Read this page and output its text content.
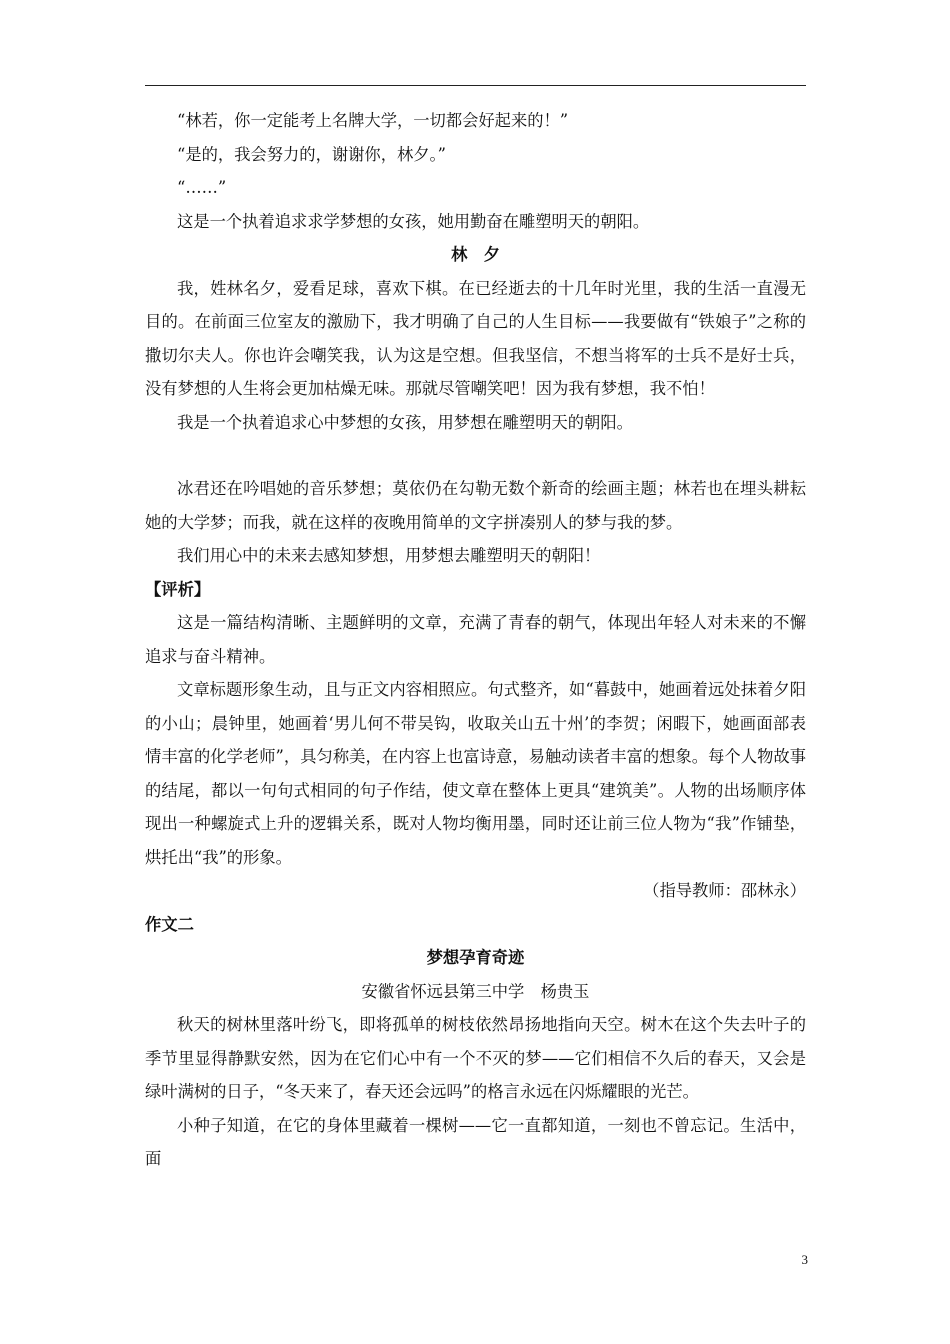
“林若，你一定能考上名牌大学，一切都会好起来的！”

“是的，我会努力的，谢谢你，林夕。”

“……”

这是一个执着追求求学梦想的女孩，她用勤奋在雕塑明天的朝阳。

林　夕

我，姓林名夕，爱看足球，喜欢下棋。在已经逝去的十几年时光里，我的生活一直漫无目的。在前面三位室友的激励下，我才明确了自己的人生目标——我要做有“铁娘子”之称的撒切尔夫人。你也许会嘲笑我，认为这是空想。但我坚信，不想当将军的士兵不是好士兵，没有梦想的人生将会更加枯燥无味。那就尽管嘲笑吧！因为我有梦想，我不怕！

我是一个执着追求心中梦想的女孩，用梦想在雕塑明天的朝阳。

冰君还在吟唱她的音乐梦想；莫依仍在勾勒无数个新奇的绘画主题；林若也在埋头耕耘她的大学梦；而我，就在这样的夜晚用简单的文字拼凑别人的梦与我的梦。

我们用心中的未来去感知梦想，用梦想去雕塑明天的朝阳！

【评析】

这是一篇结构清晰、主题鲜明的文章，充满了青春的朝气，体现出年轻人对未来的不懈追求与奋斗精神。

文章标题形象生动，且与正文内容相照应。句式整齐，如“暮鼓中，她画着远处抹着夕阳的小山；晨钟里，她画着‘男儿何不带吴钩，收取关山五十州’的李贺；闲暇下，她画面部表情丰富的化学老师”，具匀称美，在内容上也富诗意，易触动读者丰富的想象。每个人物故事的结尾，都以一句句式相同的句子作结，使文章在整体上更具“建筑美”。人物的出场顺序体现出一种螺旋式上升的逻辑关系，既对人物均衡用墨，同时还让前三位人物为“我”作铺垫，烘托出“我”的形象。

（指导教师：邵林永）

作文二

梦想孕育奇迹

安徽省怀远县第三中学　杨贵玉

秋天的树林里落叶纷飞，即将孤单的树枝依然昂扬地指向天空。树木在这个失去叶子的季节里显得静默安然，因为在它们心中有一个不灭的梦——它们相信不久后的春天，又会是绿叶满树的日子，“冬天来了，春天还会远吗”的格言永远在闪烁耀眼的光芒。

小种子知道，在它的身体里藏着一棵树——它一直都知道，一刻也不曾忘记。生活中，面

3
